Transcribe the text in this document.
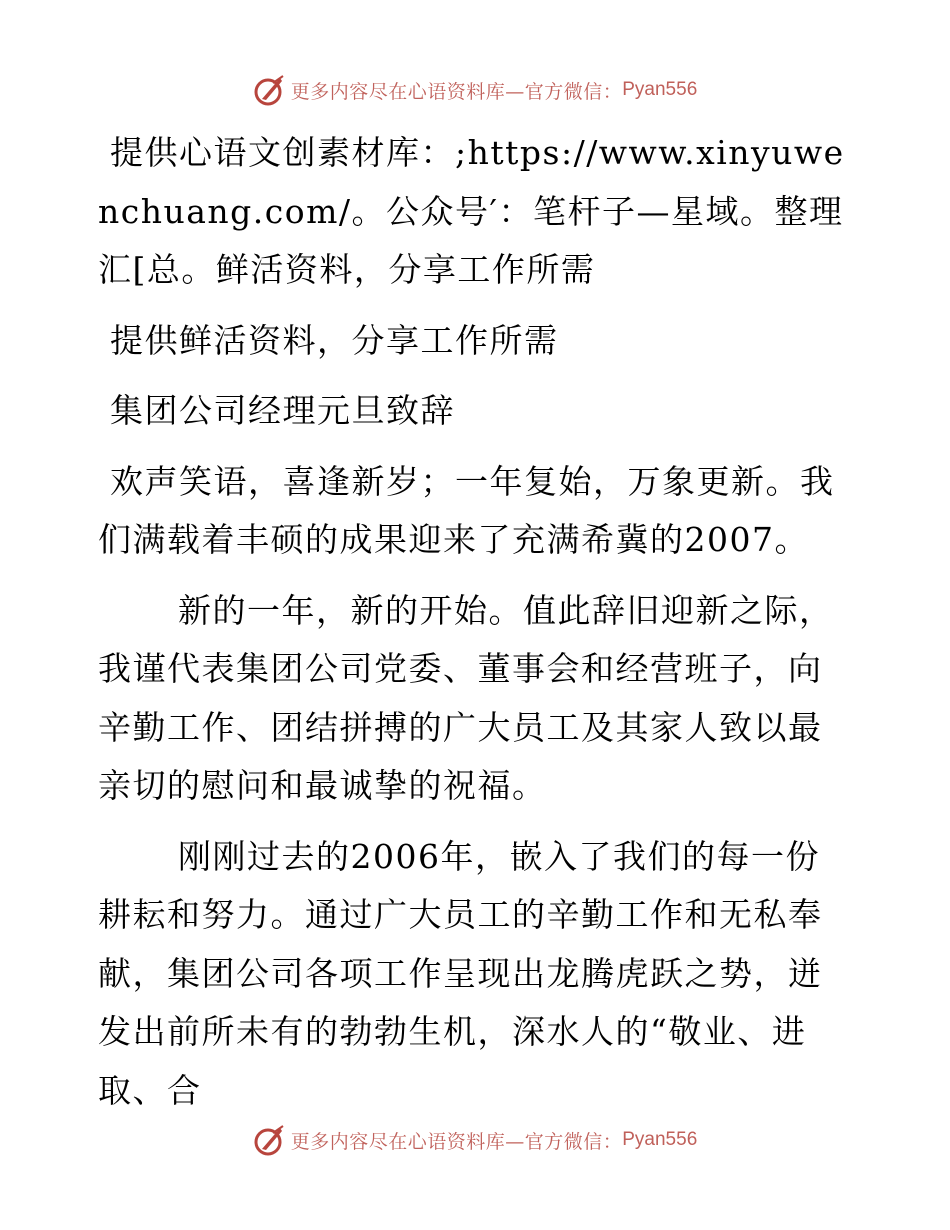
更多内容尽在心语资料库—官方微信： Pyan556

提供心语文创素材库：;https://www.xinyuwenchuang.com/。公众号′：笔杆子—星域。整理汇[总。鲜活资料，分享工作所需

提供鲜活资料，分享工作所需

集团公司经理元旦致辞

欢声笑语，喜逢新岁；一年复始，万象更新。我们满载着丰硕的成果迎来了充满希冀的2007。

新的一年，新的开始。值此辞旧迎新之际，我谨代表集团公司党委、董事会和经营班子，向辛勤工作、团结拼搏的广大员工及其家人致以最亲切的慰问和最诚挚的祝福。

刚刚过去的2006年，嵌入了我们的每一份耕耘和努力。通过广大员工的辛勤工作和无私奉献，集团公司各项工作呈现出龙腾虎跃之势，迸发出前所未有的勃勃生机，深水人的“敬业、进取、合

更多内容尽在心语资料库—官方微信： Pyan556
